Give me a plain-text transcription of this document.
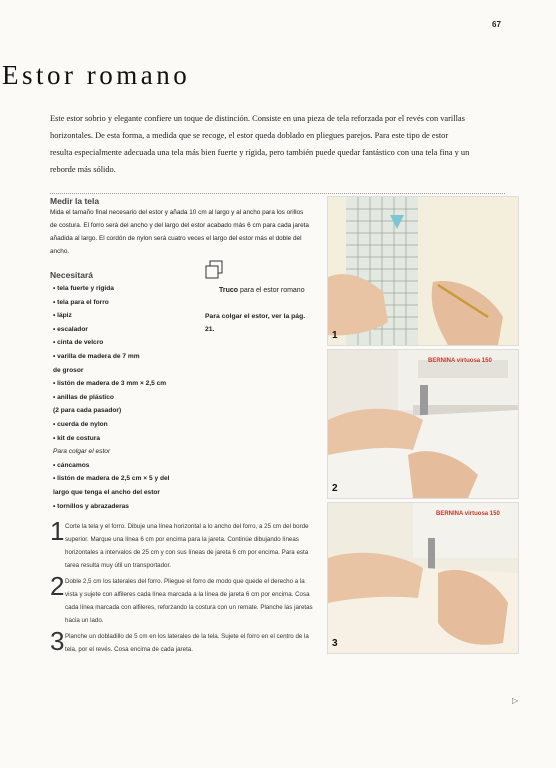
67
Estor romano

Este estor sobrio y elegante confiere un toque de distinción. Consiste en una pieza de tela reforzada por el revés con varillas horizontales. De esta forma, a medida que se recoge, el estor queda doblado en pliegues parejos. Para este tipo de estor resulta especialmente adecuada una tela más bien fuerte y rígida, pero también puede quedar fantástico con una tela fina y un reborde más sólido.

Medir la tela

Mida el tamaño final necesario del estor y añada 10 cm al largo y al ancho para los orillos de costura. El forro será del ancho y del largo del estor acabado más 6 cm para cada jareta añadida al largo. El cordón de nylon será cuatro veces el largo del estor más el doble del ancho.

Necesitará
• tela fuerte y rígida
• tela para el forro
• lápiz
• escalador
• cinta de velcro
• varilla de madera de 7 mm
de grosor
• listón de madera de 3 mm × 2,5 cm
• anillas de plástico
(2 para cada pasador)
• cuerda de nylon
• kit de costura
Para colgar el estor
• cáncamos
• listón de madera de 2,5 cm × 5 y del
largo que tenga el ancho del estor
• tornillos y abrazaderas

Truco para el estor romano

Para colgar el estor, ver la pág. 21.

1 Corte la tela y el forro. Dibuje una línea horizontal a lo ancho del forro, a 25 cm del borde superior. Marque una línea 6 cm por encima para la jareta. Continúe dibujando líneas horizontales a intervalos de 25 cm y con sus líneas de jareta 6 cm por encima. Para esta tarea resulta muy útil un transportador.

2 Doble 2,5 cm los laterales del forro. Pliegue el forro de modo que quede el derecho a la vista y sujete con alfileres cada línea marcada a la línea de jareta 6 cm por encima. Cosa cada línea marcada con alfileres, reforzando la costura con un remate. Planche las jaretas hacia un lado.

3 Planche un dobladillo de 5 cm en los laterales de la tela. Sujete el forro en el centro de la tela, por el revés. Cosa encima de cada jareta.

1
BERNINA virtuosa 150
2
BERNINA virtuosa 150
3
▷
